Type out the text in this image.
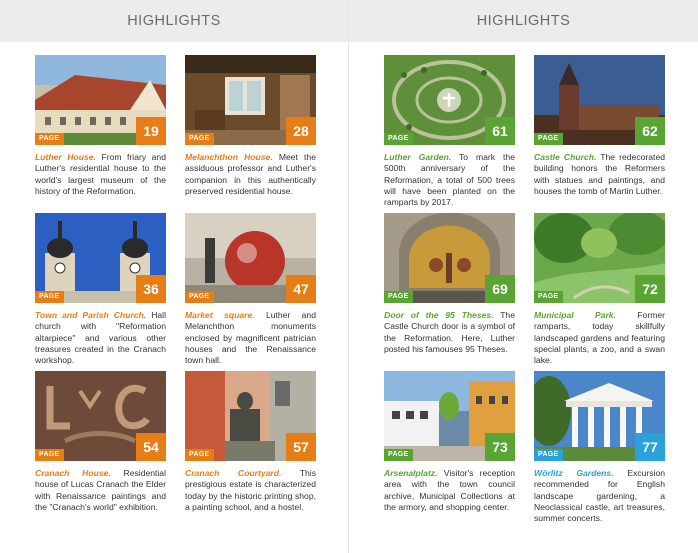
HIGHLIGHTS
PAGE	19

Luther House. From friary and Luther's residential house to the world's largest museum of the history of the Reformation.

PAGE	28

Melanchthon House. Meet the assiduous professor and Luther's companion in this authentically preserved residential house.

PAGE	36

Town and Parish Church. Hall church with "Reformation altarpiece" and various other treasures created in the Cranach workshop.

PAGE	47

Market square. Luther and Melanchthon monuments enclosed by magnificent patrician houses and the Renaissance town hall.

PAGE	54

Cranach House. Residential house of Lucas Cranach the Elder with Renaissance paintings and the "Cranach's world" exhibition.

PAGE	57

Cranach Courtyard. This prestigious estate is characterized today by the historic printing shop, a painting school, and a hostel.

HIGHLIGHTS
PAGE	61

Luther Garden. To mark the 500th anniversary of the Reformation, a total of 500 trees will have been planted on the ramparts by 2017.

PAGE	62

Castle Church. The redecorated building honors the Reformers with statues and paintings, and houses the tomb of Martin Luther.

PAGE	69

Door of the 95 Theses. The Castle Church door is a symbol of the Reformation. Here, Luther posted his famouses 95 Theses.

PAGE	72

Municipal Park. Former ramparts, today skillfully landscaped gardens and featuring special plants, a zoo, and a swan lake.

PAGE	73

Arsenalplatz. Visitor's reception area with the town council archive, Municipal Collections at the armory, and shopping center.

PAGE	77

Wörlitz Gardens. Excursion recommended for English landscape gardening, a Neoclassical castle, art treasures, summer concerts.
